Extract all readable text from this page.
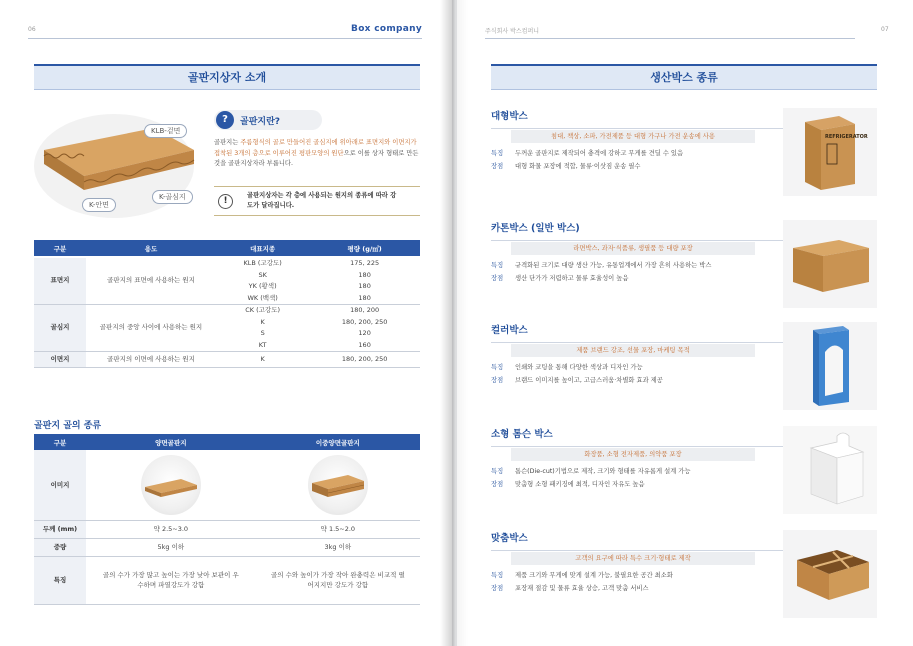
06	Box company
골판지상자 소개
KLB-겉면
K-골심지
K-안면
?	골판지란?
골판지는 주름형식의 골로 만들어진 골심지에 위아래로 표면지와 이면지가 접착된 3개의 층으로 이루어진 평판모양의 원단으로 이를 상자 형태로 만든 것을 골판지상자라 부릅니다.
!	골판지상자는 각 층에 사용되는 원지의 종류에 따라 강도가 달라집니다.
구분	용도	대표지종	평량 (g/㎡)

표면지	골판지의 표면에 사용하는 원지	KLB (고강도)	175, 225
		SK	180
		YK (황색)	180
		WK (백색)	180
골심지	골판지의 중앙 사이에 사용하는 원지	CK (고강도)	180, 200
		K	180, 200, 250
		S	120
		KT	160
이면지	골판지의 이면에 사용하는 원지	K	180, 200, 250
골판지 골의 종류
구분	양면골판지	이중양면골판지
이미지	

두께 (mm)	약 2.5~3.0	약 1.5~2.0
중량	5kg 이하	3kg 이하
특징	골의 수가 가장 많고 높이는 가장 낮아 보관이 우수하며 파열강도가 강함	골의 수와 높이가 가장 작아 완충력은 비교적 떨어지지만 강도가 강함
주식회사 박스컴퍼니	07
생산박스 종류
대형박스
침대, 책상, 소파, 가전제품 등 대형 가구나 가전 운송에 사용
특징	두꺼운 골판지로 제작되어 충격에 강하고 무게를 견딜 수 있음
장점	대형 화물 포장에 적합, 물류·이삿짐 운송 필수
REFRIGERATOR
카톤박스 (일반 박스)
라면박스, 과자·식품류, 생필품 등 대량 포장
특징	규격화된 크기로 대량 생산 가능, 유통업계에서 가장 흔히 사용하는 박스
장점	생산 단가가 저렴하고 물류 효율성이 높음
컬러박스
제품 브랜드 강조, 선물 포장, 마케팅 목적
특징	인쇄와 코팅을 통해 다양한 색상과 디자인 가능
장점	브랜드 이미지를 높이고, 고급스러움·차별화 효과 제공
소형 톰슨 박스
화장품, 소형 전자제품, 의약품 포장
특징	톰슨(Die-cut)기법으로 제작, 크기와 형태를 자유롭게 설계 가능
장점	맞춤형 소형 패키징에 최적, 디자인 자유도 높음
맞춤박스
고객의 요구에 따라 특수 크기·형태로 제작
특징	제품 크기와 무게에 맞게 설계 가능, 불필요한 공간 최소화
장점	포장재 절감 및 물류 효율 상승, 고객 맞춤 서비스
